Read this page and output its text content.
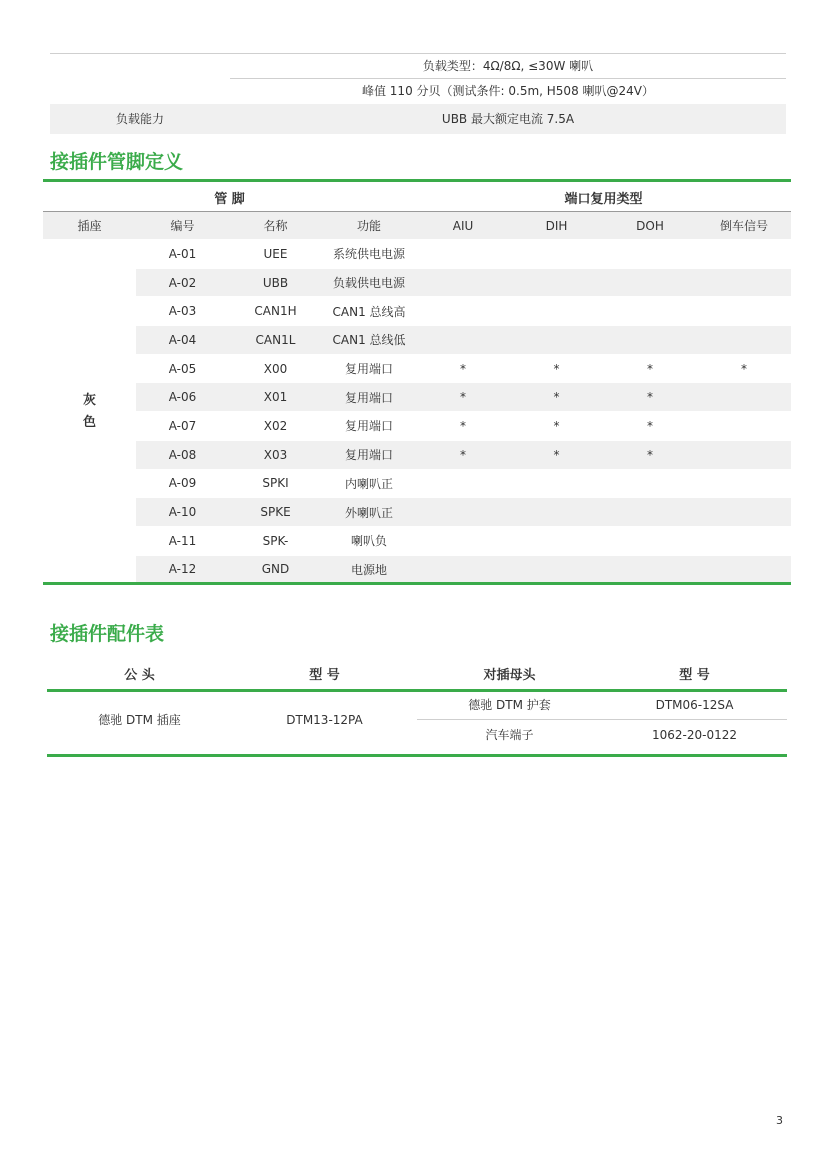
负载类型：4Ω/8Ω, ≤30W 喇叭
峰值 110 分贝（测试条件: 0.5m, H508 喇叭@24V）
负载能力	UBB 最大额定电流 7.5A
接插件管脚定义
管 脚				端口复用类型			
插座	编号	名称	功能	AIU	DIH	DOH	倒车信号
灰
色	A-01	UEE	系统供电电源				
	A-02	UBB	负载供电电源				
	A-03	CAN1H	CAN1 总线高				
	A-04	CAN1L	CAN1 总线低				
	A-05	X00	复用端口	*	*	*	*
	A-06	X01	复用端口	*	*	*	
	A-07	X02	复用端口	*	*	*	
	A-08	X03	复用端口	*	*	*	
	A-09	SPKI	内喇叭正				
	A-10	SPKE	外喇叭正				
	A-11	SPK-	喇叭负				
	A-12	GND	电源地				
接插件配件表
公 头	型 号	对插母头	型 号
德驰 DTM 插座	DTM13-12PA	德驰 DTM 护套	DTM06-12SA
		汽车端子	1062-20-0122
3
